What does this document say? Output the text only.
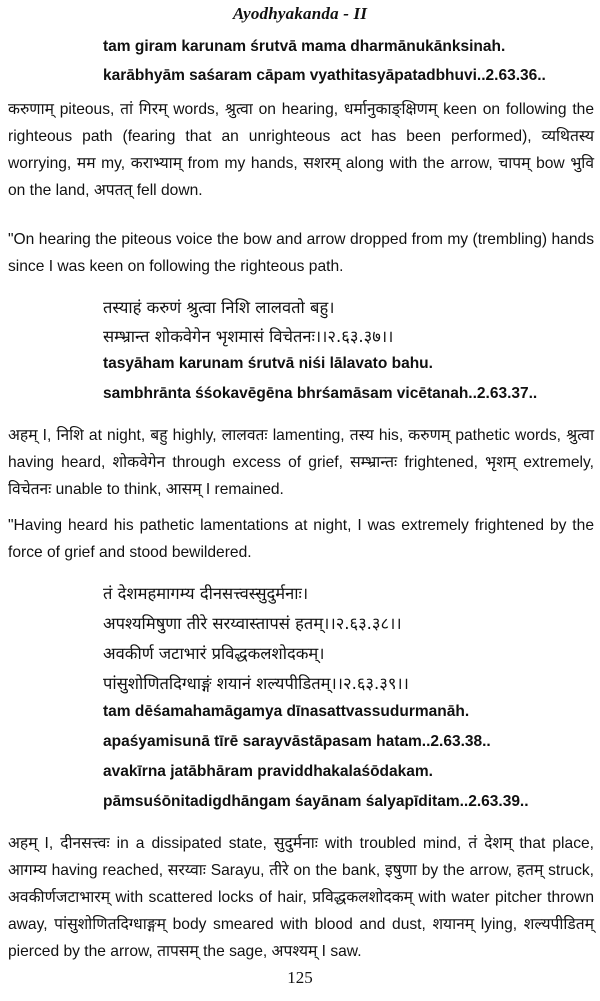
Ayodhyakanda - II
tam giram karunam śrutvā mama dharmānukānksinah.
karābhyām saśaram cāpam vyathitasyāpatadbhuvi..2.63.36..

करुणाम् piteous, तां गिरम् words, श्रुत्वा on hearing, धर्मानुकाङ्क्षिणम् keen on following the righteous path (fearing that an unrighteous act has been performed), व्यथितस्य worrying, मम my, कराभ्याम् from my hands, सशरम् along with the arrow, चापम् bow भुवि on the land, अपतत् fell down.

"On hearing the piteous voice the bow and arrow dropped from my (trembling) hands since I was keen on following the righteous path.

तस्याहं करुणं श्रुत्वा निशि लालवतो बहु।
सम्भ्रान्त शोकवेगेन भृशमासं विचेतनः।।२.६३.३७।।
tasyāham karunam śrutvā niśi lālavato bahu.
sambhrānta śśokavēgēna bhrśamāsam vicētanah..2.63.37..

अहम् I, निशि at night, बहु highly, लालवतः lamenting, तस्य his, करुणम् pathetic words, श्रुत्वा having heard, शोकवेगेन through excess of grief, सम्भ्रान्तः frightened, भृशम् extremely, विचेतनः unable to think, आसम् I remained.

"Having heard his pathetic lamentations at night, I was extremely frightened by the force of grief and stood bewildered.

तं देशमहमागम्य दीनसत्त्वस्सुदुर्मनाः।
अपश्यमिषुणा तीरे सरय्वास्तापसं हतम्।।२.६३.३८।।
अवकीर्ण जटाभारं प्रविद्धकलशोदकम्।
पांसुशोणितदिग्धाङ्गं शयानं शल्यपीडितम्।।२.६३.३९।।
tam dēśamahamāgamya dīnasattvassudurmanāh.
apaśyamisunā tīrē sarayvāstāpasam hatam..2.63.38..
avakīrna jatābhāram praviddhakalaśōdakam.
pāmsuśōnitadigdhāngam śayānam śalyapīditam..2.63.39..

अहम् I, दीनसत्त्वः in a dissipated state, सुदुर्मनाः with troubled mind, तं देशम् that place, आगम्य having reached, सरय्वाः Sarayu, तीरे on the bank, इषुणा by the arrow, हतम् struck, अवकीर्णजटाभारम् with scattered locks of hair, प्रविद्धकलशोदकम् with water pitcher thrown away, पांसुशोणितदिग्धाङ्गम् body smeared with blood and dust, शयानम् lying, शल्यपीडितम् pierced by the arrow, तापसम् the sage, अपश्यम् I saw.

125
